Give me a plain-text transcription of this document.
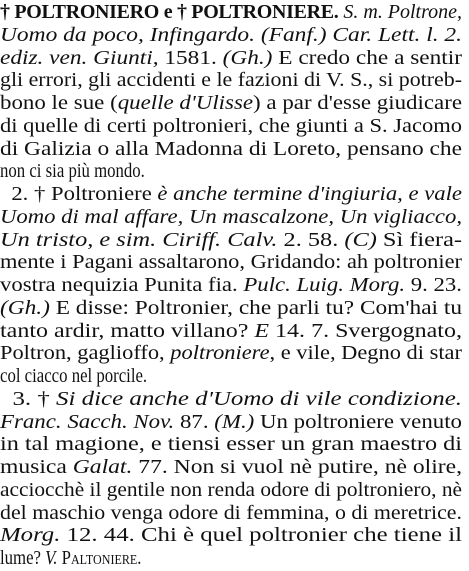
† POLTRONIERO e † POLTRONIERE. S. m. Poltrone,
Uomo da poco, Infingardo. (Fanf.) Car. Lett. l. 2.
ediz. ven. Giunti, 1581. (Gh.) E credo che a sentir
gli errori, gli accidenti e le fazioni di V. S., si potreb-
bono le sue (quelle d'Ulisse) a par d'esse giudicare
di quelle di certi poltronieri, che giunti a S. Jacomo
di Galizia o alla Madonna di Loreto, pensano che
non ci sia più mondo.
2. † Poltroniere è anche termine d'ingiuria, e vale
Uomo di mal affare, Un mascalzone, Un vigliacco,
Un tristo, e sim. Ciriff. Calv. 2. 58. (C) Sì fiera-
mente i Pagani assaltarono, Gridando: ah poltronier
vostra nequizia Punita fia. Pulc. Luig. Morg. 9. 23.
(Gh.) E disse: Poltronier, che parli tu? Com'hai tu
tanto ardir, matto villano? E 14. 7. Svergognato,
Poltron, gaglioffo, poltroniere, e vile, Degno di star
col ciacco nel porcile.
3. † Si dice anche d'Uomo di vile condizione.
Franc. Sacch. Nov. 87. (M.) Un poltroniere venuto
in tal magione, e tiensi esser un gran maestro di
musica Galat. 77. Non si vuol nè putire, nè olire,
acciocchè il gentile non renda odore di poltroniero, nè
del maschio venga odore di femmina, o di meretrice.
Morg. 12. 44. Chi è quel poltronier che tiene il
lume? V. Paltoniere.
